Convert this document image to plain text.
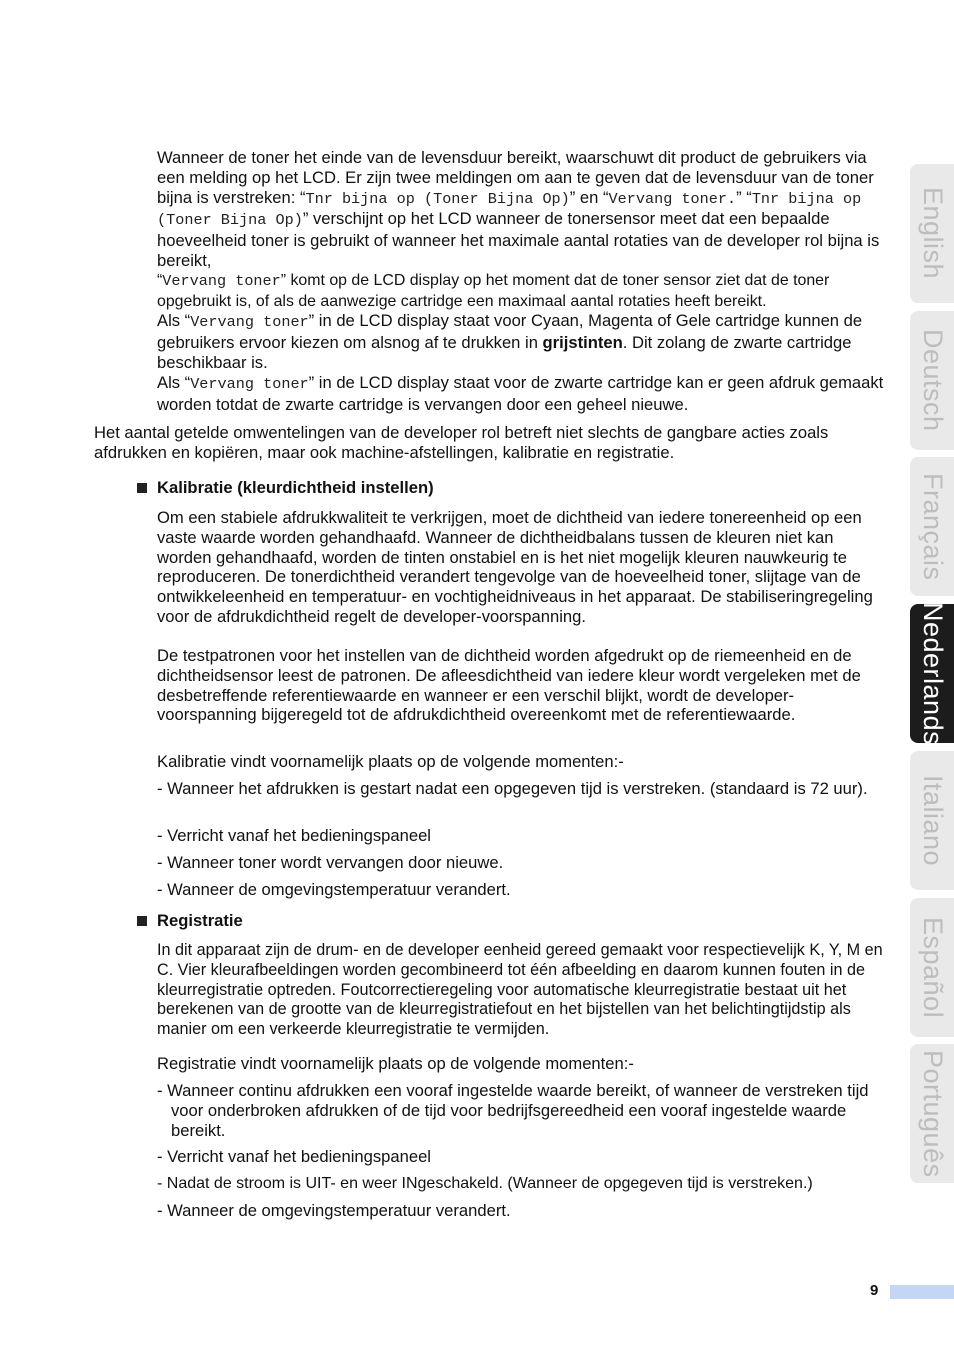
Wanneer de toner het einde van de levensduur bereikt, waarschuwt dit product de gebruikers via een melding op het LCD. Er zijn twee meldingen om aan te geven dat de levensduur van de toner bijna is verstreken: “Tnr bijna op (Toner Bijna Op)” en “Vervang toner.” “Tnr bijna op (Toner Bijna Op)” verschijnt op het LCD wanneer de tonersensor meet dat een bepaalde hoeveelheid toner is gebruikt of wanneer het maximale aantal rotaties van de developer rol bijna is bereikt,

“Vervang toner” komt op de LCD display op het moment dat de toner sensor ziet dat de toner opgebruikt is, of als de aanwezige cartridge een maximaal aantal rotaties heeft bereikt.

Als “Vervang toner” in de LCD display staat voor Cyaan, Magenta of Gele cartridge kunnen de gebruikers ervoor kiezen om alsnog af te drukken in grijstinten. Dit zolang de zwarte cartridge beschikbaar is.

Als “Vervang toner” in de LCD display staat voor de zwarte cartridge kan er geen afdruk gemaakt worden totdat de zwarte cartridge is vervangen door een geheel nieuwe.

Het aantal getelde omwentelingen van de developer rol betreft niet slechts de gangbare acties zoals afdrukken en kopiëren, maar ook machine-afstellingen, kalibratie en registratie.

Kalibratie (kleurdichtheid instellen)

Om een stabiele afdrukkwaliteit te verkrijgen, moet de dichtheid van iedere tonereenheid op een vaste waarde worden gehandhaafd. Wanneer de dichtheidbalans tussen de kleuren niet kan worden gehandhaafd, worden de tinten onstabiel en is het niet mogelijk kleuren nauwkeurig te reproduceren. De tonerdichtheid verandert tengevolge van de hoeveelheid toner, slijtage van de ontwikkeleenheid en temperatuur- en vochtigheidniveaus in het apparaat. De stabiliseringregeling voor de afdrukdichtheid regelt de developer-voorspanning.

De testpatronen voor het instellen van de dichtheid worden afgedrukt op de riemeenheid en de dichtheidsensor leest de patronen. De afleesdichtheid van iedere kleur wordt vergeleken met de desbetreffende referentiewaarde en wanneer er een verschil blijkt, wordt de developer-voorspanning bijgeregeld tot de afdrukdichtheid overeenkomt met de referentiewaarde.

Kalibratie vindt voornamelijk plaats op de volgende momenten:-

- Wanneer het afdrukken is gestart nadat een opgegeven tijd is verstreken. (standaard is 72 uur).

- Verricht vanaf het bedieningspaneel

- Wanneer toner wordt vervangen door nieuwe.

- Wanneer de omgevingstemperatuur verandert.

Registratie

In dit apparaat zijn de drum- en de developer eenheid gereed gemaakt voor respectievelijk K, Y, M en C. Vier kleurafbeeldingen worden gecombineerd tot één afbeelding en daarom kunnen fouten in de kleurregistratie optreden. Foutcorrectieregeling voor automatische kleurregistratie bestaat uit het berekenen van de grootte van de kleurregistratiefout en het bijstellen van het belichtingtijdstip als manier om een verkeerde kleurregistratie te vermijden.

Registratie vindt voornamelijk plaats op de volgende momenten:-

- Wanneer continu afdrukken een vooraf ingestelde waarde bereikt, of wanneer de verstreken tijd voor onderbroken afdrukken of de tijd voor bedrijfsgereedheid een vooraf ingestelde waarde bereikt.

- Verricht vanaf het bedieningspaneel

- Nadat de stroom is UIT- en weer INgeschakeld. (Wanneer de opgegeven tijd is verstreken.)

- Wanneer de omgevingstemperatuur verandert.

English
Deutsch
Français
Nederlands
Italiano
Español
Português
9
